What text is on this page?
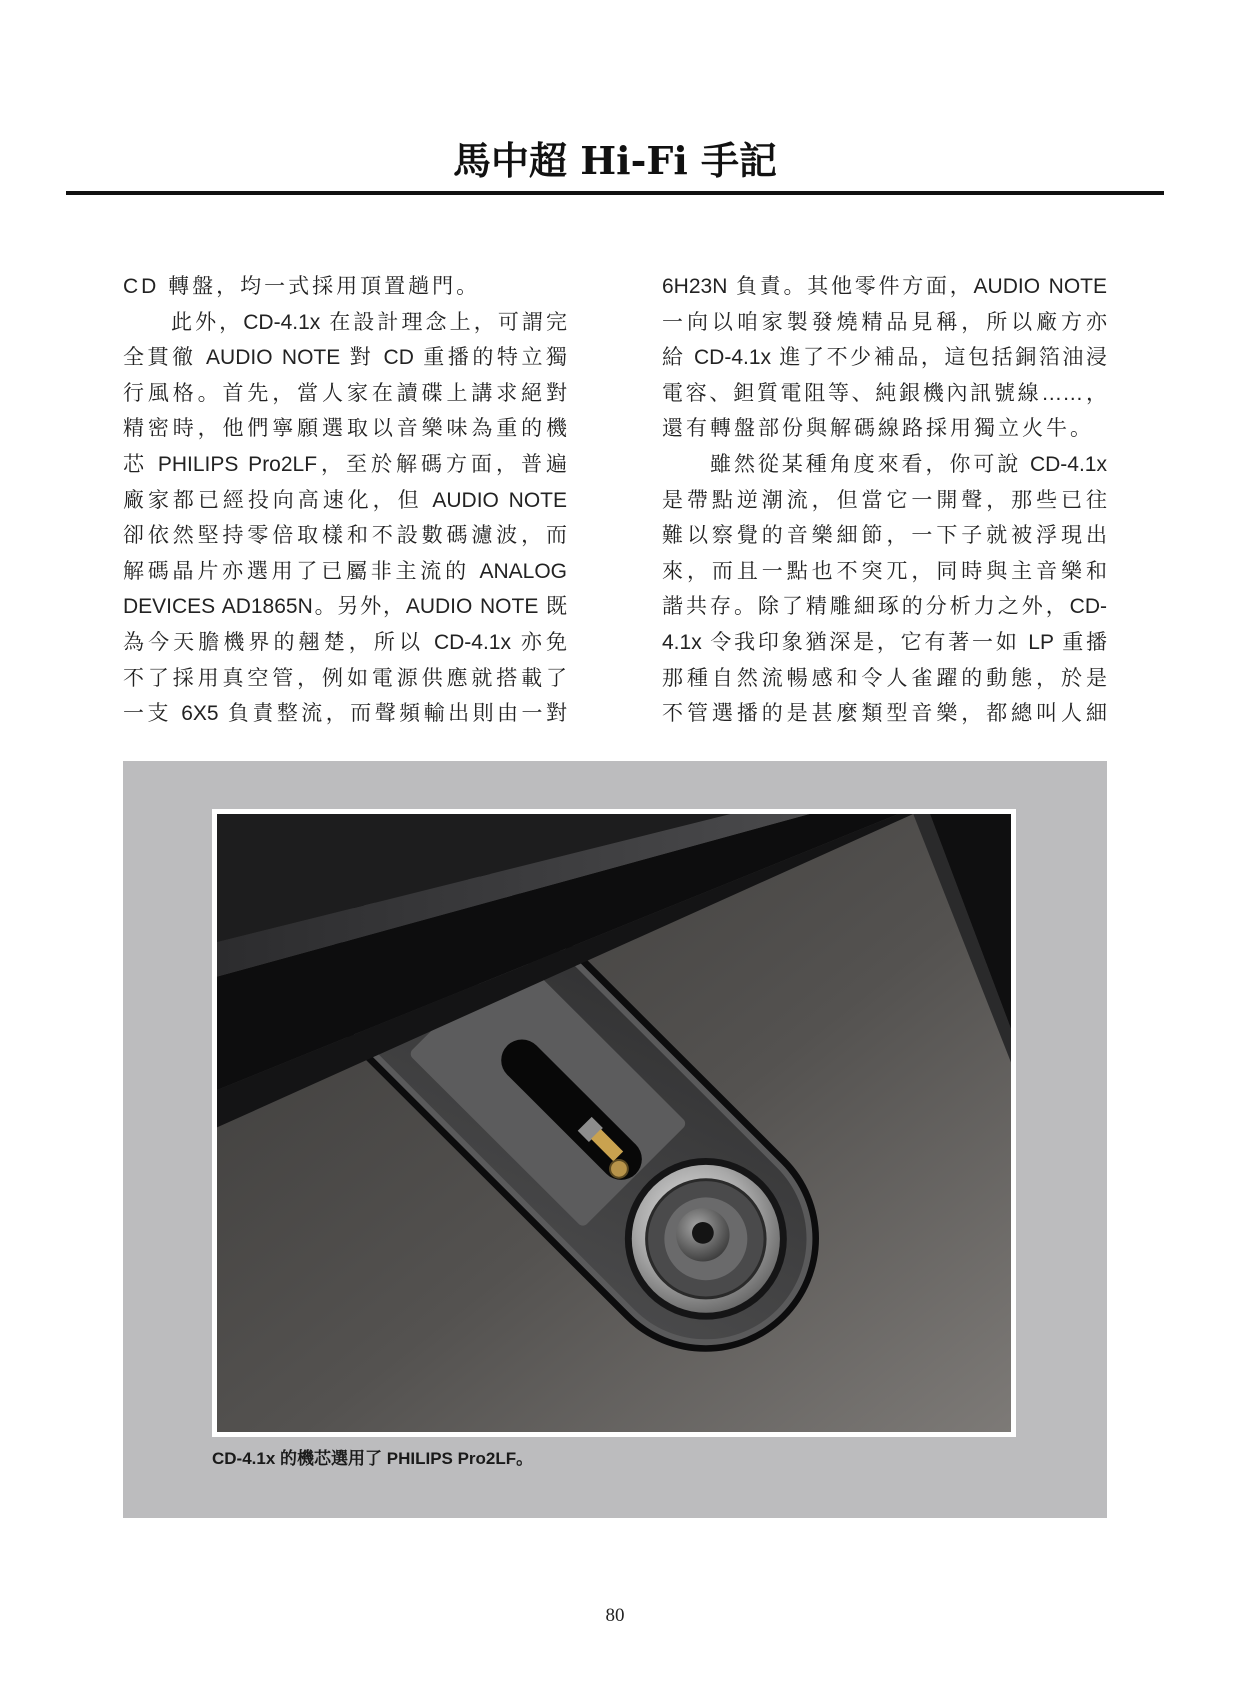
馬中超 Hi-Fi 手記
CD 轉盤，均一式採用頂置趟門。
此外，CD-4.1x 在設計理念上，可謂完
全貫徹 AUDIO NOTE 對 CD 重播的特立獨
行風格。首先，當人家在讀碟上講求絕對
精密時，他們寧願選取以音樂味為重的機
芯 PHILIPS Pro2LF，至於解碼方面，普遍
廠家都已經投向高速化，但 AUDIO NOTE
卻依然堅持零倍取樣和不設數碼濾波，而
解碼晶片亦選用了已屬非主流的 ANALOG
DEVICES AD1865N。另外，AUDIO NOTE 既
為今天膽機界的翹楚，所以 CD-4.1x 亦免
不了採用真空管，例如電源供應就搭載了
一支 6X5 負責整流，而聲頻輸出則由一對
6H23N 負責。其他零件方面，AUDIO NOTE
一向以咱家製發燒精品見稱，所以廠方亦
給 CD-4.1x 進了不少補品，這包括銅箔油浸
電容、鉭質電阻等、純銀機內訊號線……，
還有轉盤部份與解碼線路採用獨立火牛。
雖然從某種角度來看，你可說 CD-4.1x
是帶點逆潮流，但當它一開聲，那些已往
難以察覺的音樂細節，一下子就被浮現出
來，而且一點也不突兀，同時與主音樂和
諧共存。除了精雕細琢的分析力之外，CD-
4.1x 令我印象猶深是，它有著一如 LP 重播
那種自然流暢感和令人雀躍的動態，於是
不管選播的是甚麼類型音樂，都總叫人細
CD-4.1x 的機芯選用了 PHILIPS Pro2LF。
80
